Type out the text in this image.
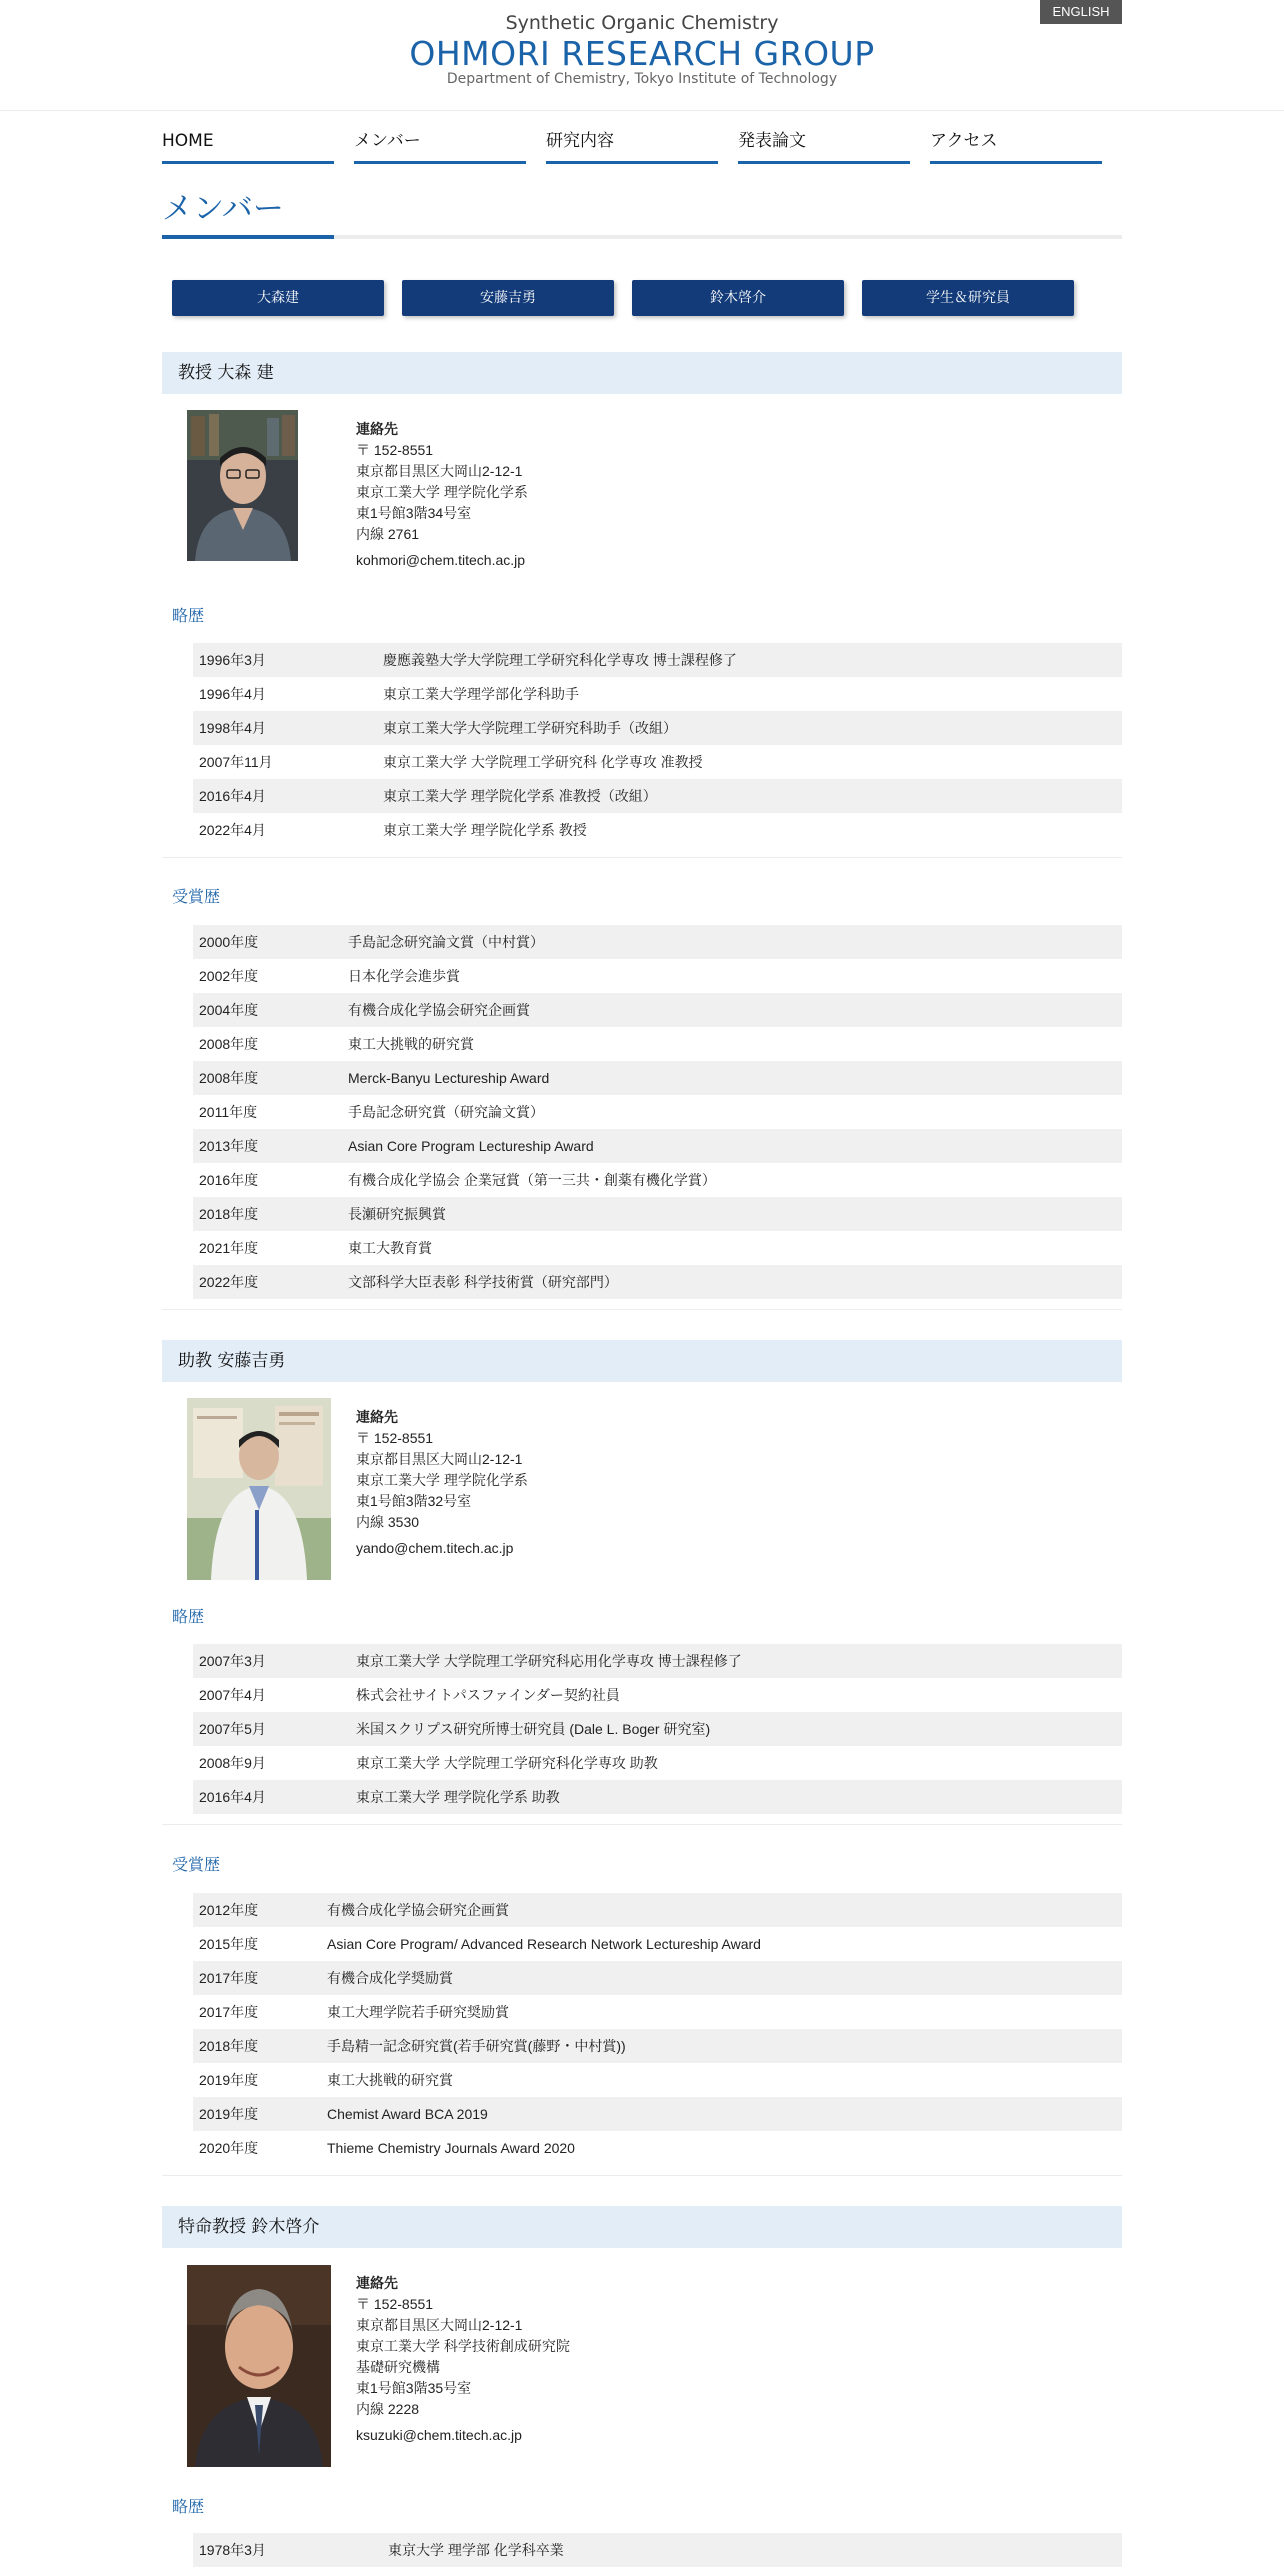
Synthetic Organic Chemistry
OHMORI RESEARCH GROUP
Department of Chemistry, Tokyo Institute of Technology
ENGLISH
HOME	メンバー	研究内容	発表論文	アクセス
メンバー
大森建	安藤吉勇	鈴木啓介	学生＆研究員
教授 大森 建
連絡先
〒 152-8551
東京都目黒区大岡山2-12-1
東京工業大学 理学院化学系
東1号館3階34号室
内線 2761
kohmori@chem.titech.ac.jp
略歴
1996年3月	慶應義塾大学大学院理工学研究科化学専攻 博士課程修了
1996年4月	東京工業大学理学部化学科助手
1998年4月	東京工業大学大学院理工学研究科助手（改組）
2007年11月	東京工業大学 大学院理工学研究科 化学専攻 准教授
2016年4月	東京工業大学 理学院化学系 准教授（改組）
2022年4月	東京工業大学 理学院化学系 教授
受賞歴
2000年度	手島記念研究論文賞（中村賞）
2002年度	日本化学会進歩賞
2004年度	有機合成化学協会研究企画賞
2008年度	東工大挑戦的研究賞
2008年度	Merck-Banyu Lectureship Award
2011年度	手島記念研究賞（研究論文賞）
2013年度	Asian Core Program Lectureship Award
2016年度	有機合成化学協会 企業冠賞（第一三共・創薬有機化学賞）
2018年度	長瀬研究振興賞
2021年度	東工大教育賞
2022年度	文部科学大臣表彰 科学技術賞（研究部門）
助教 安藤吉勇
連絡先
〒 152-8551
東京都目黒区大岡山2-12-1
東京工業大学 理学院化学系
東1号館3階32号室
内線 3530
yando@chem.titech.ac.jp
略歴
2007年3月	東京工業大学 大学院理工学研究科応用化学専攻 博士課程修了
2007年4月	株式会社サイトパスファインダー契約社員
2007年5月	米国スクリプス研究所博士研究員 (Dale L. Boger 研究室)
2008年9月	東京工業大学 大学院理工学研究科化学専攻 助教
2016年4月	東京工業大学 理学院化学系 助教
受賞歴
2012年度	有機合成化学協会研究企画賞
2015年度	Asian Core Program/ Advanced Research Network Lectureship Award
2017年度	有機合成化学奨励賞
2017年度	東工大理学院若手研究奨励賞
2018年度	手島精一記念研究賞(若手研究賞(藤野・中村賞))
2019年度	東工大挑戦的研究賞
2019年度	Chemist Award BCA 2019
2020年度	Thieme Chemistry Journals Award 2020
特命教授 鈴木啓介
連絡先
〒 152-8551
東京都目黒区大岡山2-12-1
東京工業大学 科学技術創成研究院
基礎研究機構
東1号館3階35号室
内線 2228
ksuzuki@chem.titech.ac.jp
略歴
1978年3月	東京大学 理学部 化学科卒業
